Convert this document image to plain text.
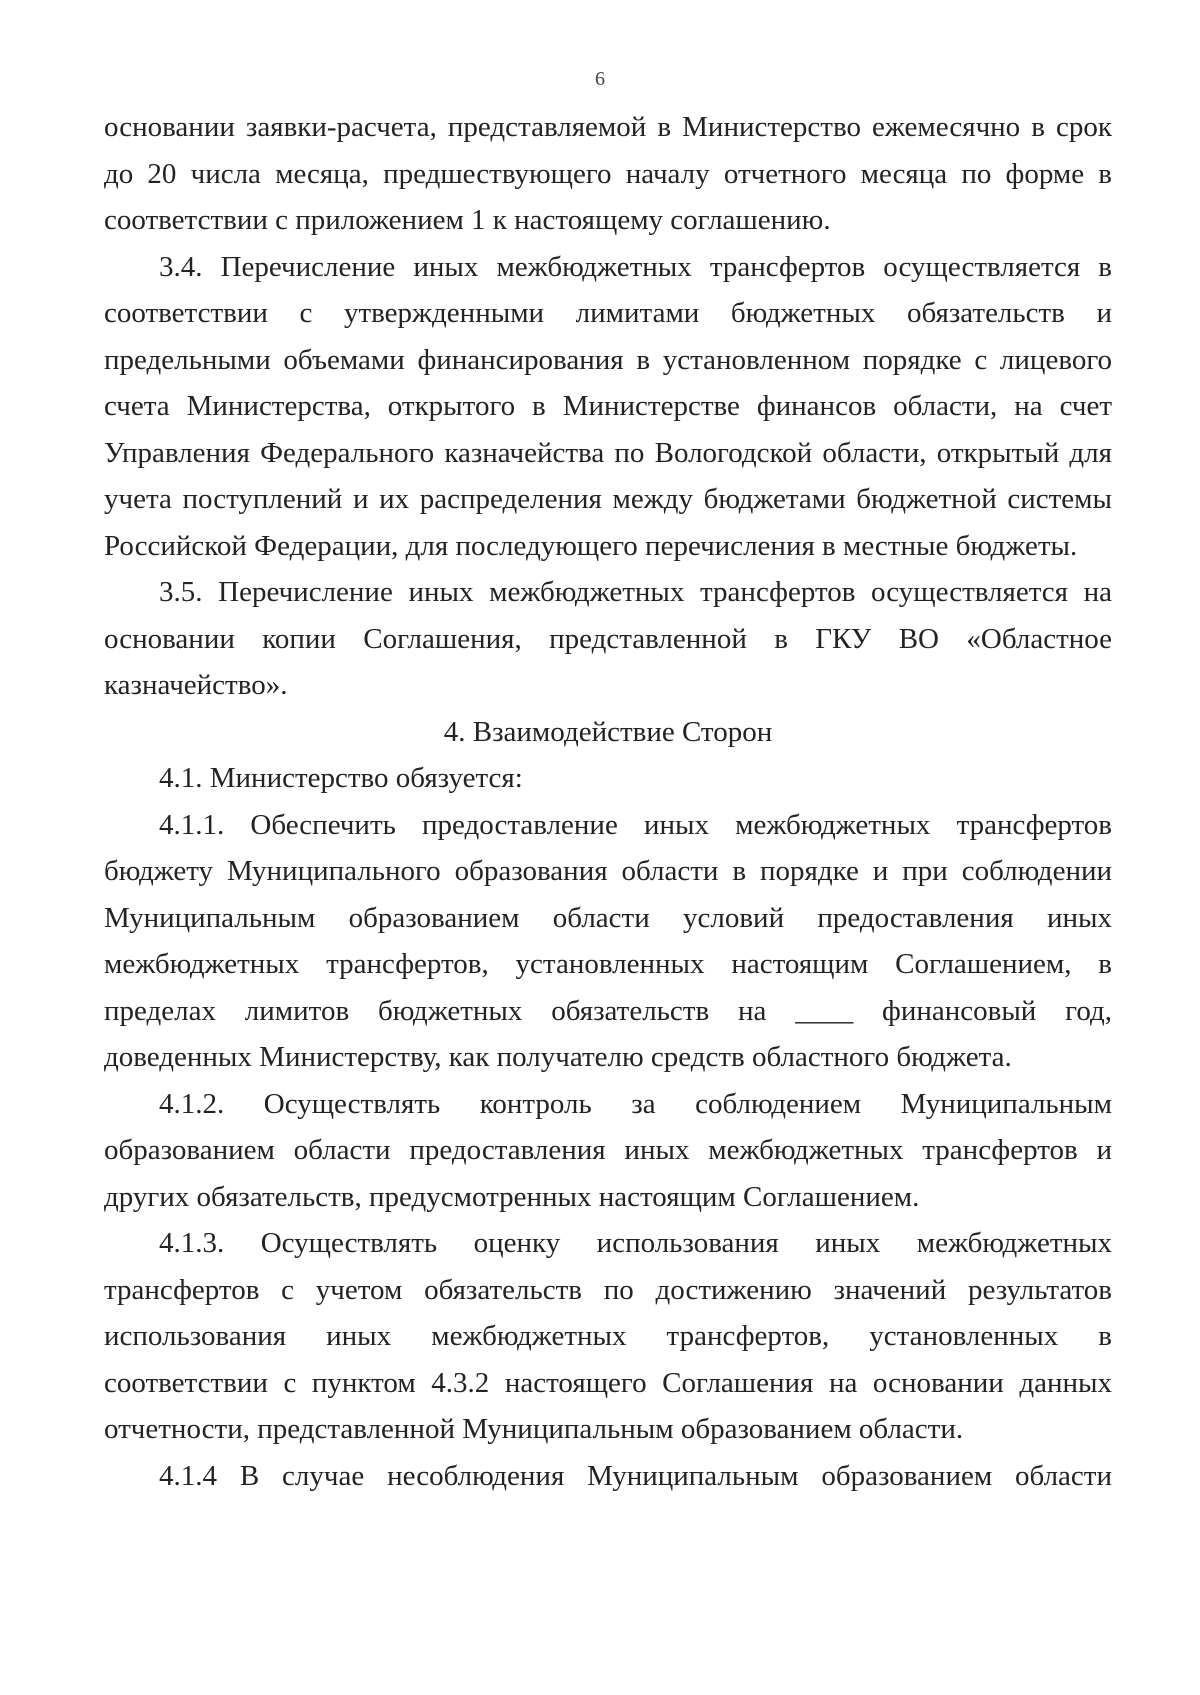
6

основании заявки-расчета, представляемой в Министерство ежемесячно в срок до 20 числа месяца, предшествующего началу отчетного месяца по форме в соответствии с приложением 1 к настоящему соглашению.

3.4. Перечисление иных межбюджетных трансфертов осуществляется в соответствии с утвержденными лимитами бюджетных обязательств и предельными объемами финансирования в установленном порядке с лицевого счета Министерства, открытого в Министерстве финансов области, на счет Управления Федерального казначейства по Вологодской области, открытый для учета поступлений и их распределения между бюджетами бюджетной системы Российской Федерации, для последующего перечисления в местные бюджеты.

3.5. Перечисление иных межбюджетных трансфертов осуществляется на основании копии Соглашения, представленной в ГКУ ВО «Областное казначейство».

4. Взаимодействие Сторон

4.1. Министерство обязуется:

4.1.1. Обеспечить предоставление иных межбюджетных трансфертов бюджету Муниципального образования области в порядке и при соблюдении Муниципальным образованием области условий предоставления иных межбюджетных трансфертов, установленных настоящим Соглашением, в пределах лимитов бюджетных обязательств на ____ финансовый год, доведенных Министерству, как получателю средств областного бюджета.

4.1.2. Осуществлять контроль за соблюдением Муниципальным образованием области предоставления иных межбюджетных трансфертов и других обязательств, предусмотренных настоящим Соглашением.

4.1.3. Осуществлять оценку использования иных межбюджетных трансфертов с учетом обязательств по достижению значений результатов использования иных межбюджетных трансфертов, установленных в соответствии с пунктом 4.3.2 настоящего Соглашения на основании данных отчетности, представленной Муниципальным образованием области.

4.1.4 В случае несоблюдения Муниципальным образованием области
